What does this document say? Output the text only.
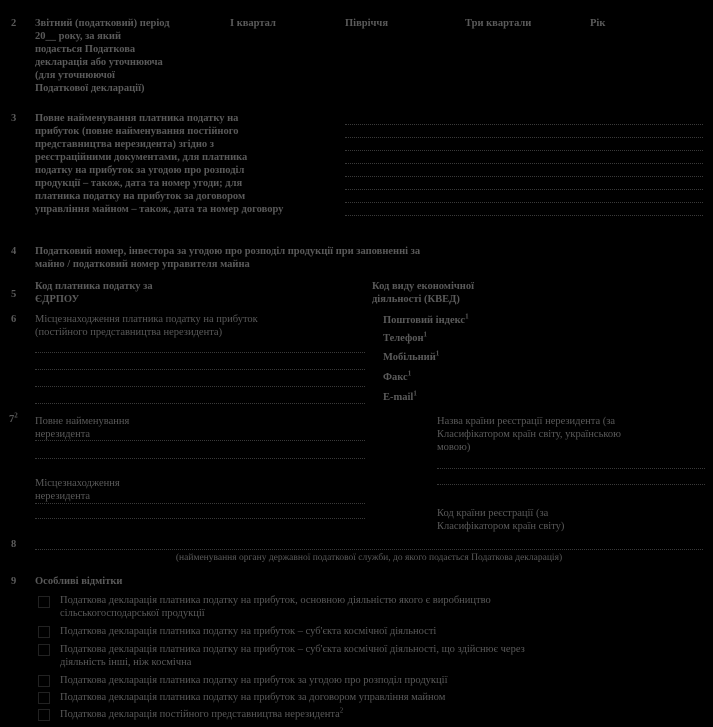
2 Звітний (податковий) період
20__ року, за який
подається Податкова
декларація або уточнююча
(для уточнюючої
Податкової декларації)
I квартал	Півріччя	Три квартали	Рік
3 Повне найменування платника податку на
прибуток (повне найменування постійного
представництва нерезидента) згідно з
реєстраційними документами, для платника
податку на прибуток за угодою про розподіл
продукції – також, дата та номер угоди; для
платника податку на прибуток за договором
управління майном – також, дата та номер договору
4 Податковий номер, інвестора за угодою про розподіл продукції при заповненні за
майно / податковий номер управителя майна
5
Код платника податку за
ЄДРПОУ
Код виду економічної
діяльності (КВЕД)
6 Місцезнаходження платника податку на прибуток
(постійного представництва нерезидента)
Поштовий індекс$^1$
Телефон$^1$
Мобільний$^1$
Факс$^1$
E-mail$^1$
$7^2$
Повне найменування
нерезидента
Назва країни реєстрації нерезидента (за
Класифікатором країн світу, українською
мовою)
Місцезнаходження
нерезидента
Код країни реєстрації (за
Класифікатором країн світу)
8
(найменування органу державної податкової служби, до якого подається Податкова декларація)
9 Особливі відмітки
Податкова декларація платника податку на прибуток, основною діяльністю якого є виробництво
сільськогосподарської продукції
Податкова декларація платника податку на прибуток – суб'єкта космічної діяльності
Податкова декларація платника податку на прибуток – суб'єкта космічної діяльності, що здійснює через
діяльність інші, ніж космічна
Податкова декларація платника податку на прибуток за угодою про розподіл продукції
Податкова декларація платника податку на прибуток за договором управління майном
Податкова декларація постійного представництва нерезидента$^2$
